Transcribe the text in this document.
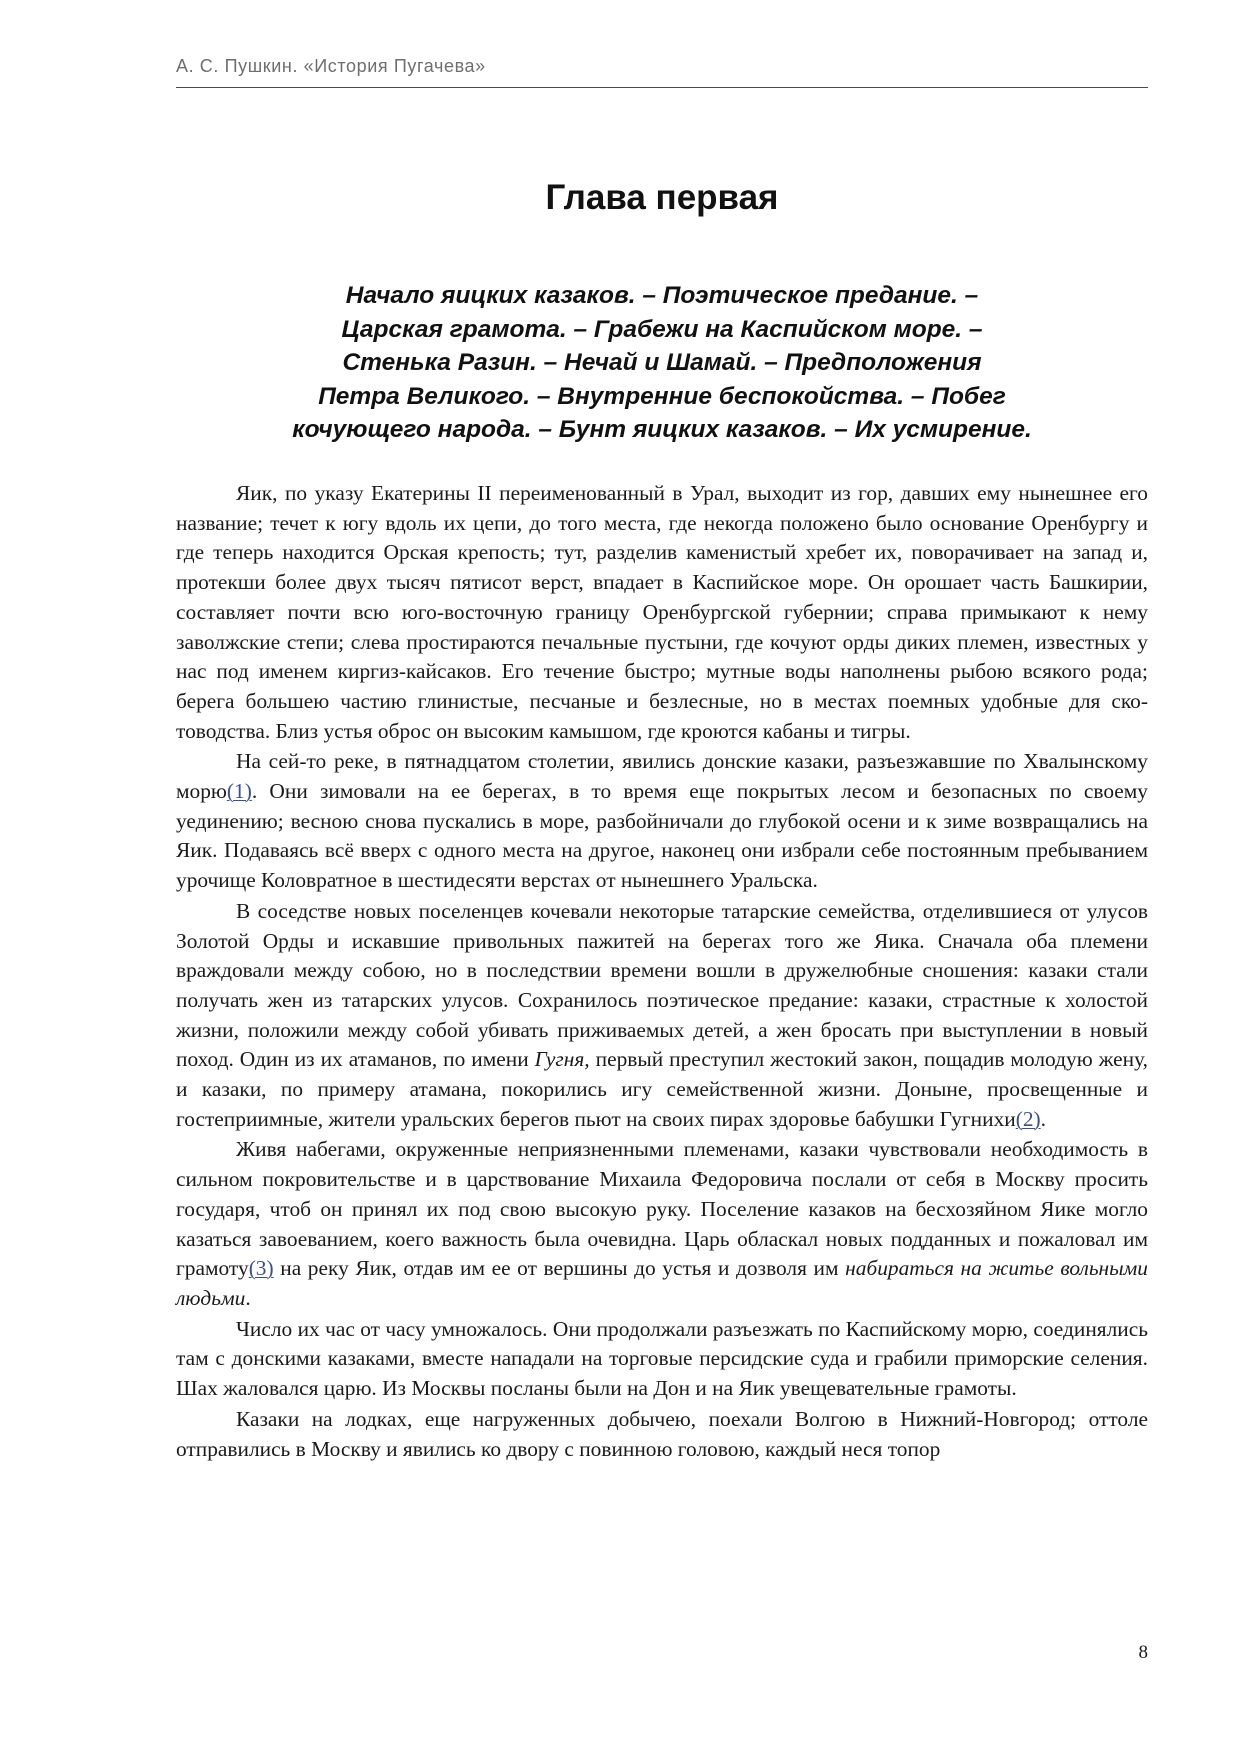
А. С. Пушкин. «История Пугачева»
Глава первая
Начало яицких казаков. – Поэтическое предание. –
Царская грамота. – Грабежи на Каспийском море. –
Стенька Разин. – Нечай и Шамай. – Предположения
Петра Великого. – Внутренние беспокойства. – Побег
кочующего народа. – Бунт яицких казаков. – Их усмирение.

Яик, по указу Екатерины II переименованный в Урал, выходит из гор, давших ему нынешнее его название; течет к югу вдоль их цепи, до того места, где некогда положено было основание Оренбургу и где теперь находится Орская крепость; тут, разделив каменистый хребет их, поворачивает на запад и, протекши более двух тысяч пятисот верст, впадает в Каспийское море. Он орошает часть Башкирии, составляет почти всю юго-восточную границу Оренбургской губернии; справа примыкают к нему заволжские степи; слева простираются печальные пустыни, где кочуют орды диких племен, известных у нас под именем киргиз-кайсаков. Его течение быстро; мутные воды наполнены рыбою всякого рода; берега большею частию глинистые, песчаные и безлесные, но в местах поемных удобные для скотоводства. Близ устья оброс он высоким камышом, где кроются кабаны и тигры.

На сей-то реке, в пятнадцатом столетии, явились донские казаки, разъезжавшие по Хвалынскому морю(1). Они зимовали на ее берегах, в то время еще покрытых лесом и безопасных по своему уединению; весною снова пускались в море, разбойничали до глубокой осени и к зиме возвращались на Яик. Подаваясь всё вверх с одного места на другое, наконец они избрали себе постоянным пребыванием урочище Коловратное в шестидесяти верстах от нынешнего Уральска.

В соседстве новых поселенцев кочевали некоторые татарские семейства, отделившиеся от улусов Золотой Орды и искавшие привольных пажитей на берегах того же Яика. Сначала оба племени враждовали между собою, но в последствии времени вошли в дружелюбные сношения: казаки стали получать жен из татарских улусов. Сохранилось поэтическое предание: казаки, страстные к холостой жизни, положили между собой убивать приживаемых детей, а жен бросать при выступлении в новый поход. Один из их атаманов, по имени Гугня, первый преступил жестокий закон, пощадив молодую жену, и казаки, по примеру атамана, покорились игу семейственной жизни. Доныне, просвещенные и гостеприимные, жители уральских берегов пьют на своих пирах здоровье бабушки Гугнихи(2).

Живя набегами, окруженные неприязненными племенами, казаки чувствовали необходимость в сильном покровительстве и в царствование Михаила Федоровича послали от себя в Москву просить государя, чтоб он принял их под свою высокую руку. Поселение казаков на бесхозяйном Яике могло казаться завоеванием, коего важность была очевидна. Царь обласкал новых подданных и пожаловал им грамоту(3) на реку Яик, отдав им ее от вершины до устья и дозволя им набираться на житье вольными людьми.

Число их час от часу умножалось. Они продолжали разъезжать по Каспийскому морю, соединялись там с донскими казаками, вместе нападали на торговые персидские суда и грабили приморские селения. Шах жаловался царю. Из Москвы посланы были на Дон и на Яик увещевательные грамоты.

Казаки на лодках, еще нагруженных добычею, поехали Волгою в Нижний-Новгород; оттоле отправились в Москву и явились ко двору с повинною головою, каждый неся топор

8
